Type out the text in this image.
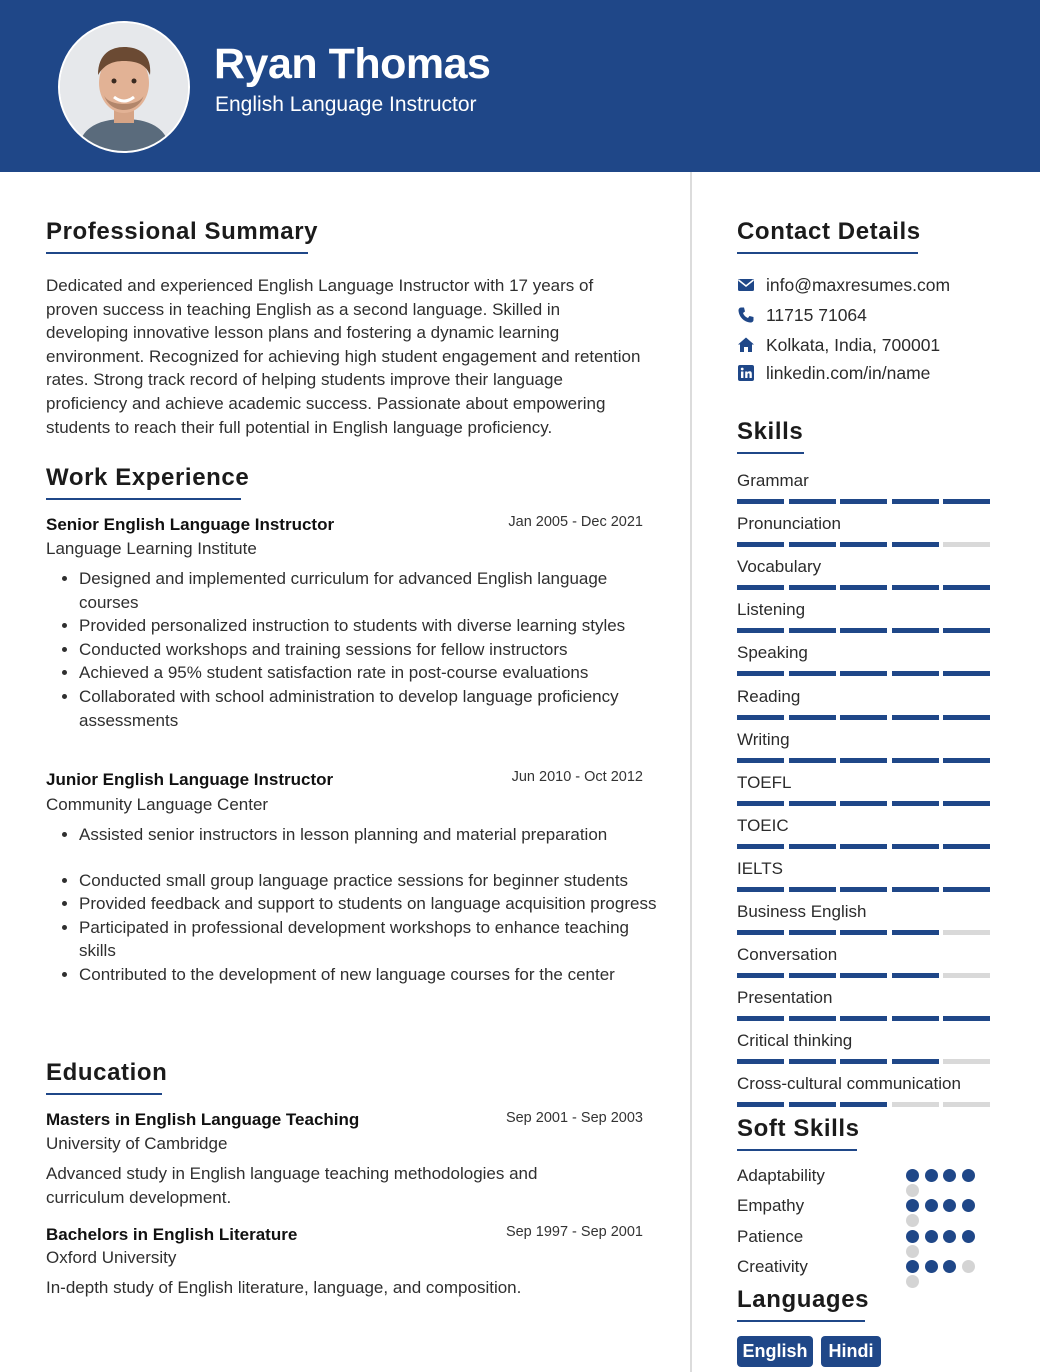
Ryan Thomas
English Language Instructor
Professional Summary
Dedicated and experienced English Language Instructor with 17 years of proven success in teaching English as a second language. Skilled in developing innovative lesson plans and fostering a dynamic learning environment. Recognized for achieving high student engagement and retention rates. Strong track record of helping students improve their language proficiency and achieve academic success. Passionate about empowering students to reach their full potential in English language proficiency.
Work Experience
Senior English Language Instructor	Jan 2005 - Dec 2021
Language Learning Institute
• Designed and implemented curriculum for advanced English language courses
• Provided personalized instruction to students with diverse learning styles
• Conducted workshops and training sessions for fellow instructors
• Achieved a 95% student satisfaction rate in post-course evaluations
• Collaborated with school administration to develop language proficiency assessments
Junior English Language Instructor	Jun 2010 - Oct 2012
Community Language Center
• Assisted senior instructors in lesson planning and material preparation
• Conducted small group language practice sessions for beginner students
• Provided feedback and support to students on language acquisition progress
• Participated in professional development workshops to enhance teaching skills
• Contributed to the development of new language courses for the center
Education
Masters in English Language Teaching	Sep 2001 - Sep 2003
University of Cambridge
Advanced study in English language teaching methodologies and curriculum development.
Bachelors in English Literature	Sep 1997 - Sep 2001
Oxford University
In-depth study of English literature, language, and composition.
Contact Details
info@maxresumes.com
11715 71064
Kolkata, India, 700001
linkedin.com/in/name
Skills
Grammar
Pronunciation
Vocabulary
Listening
Speaking
Reading
Writing
TOEFL
TOEIC
IELTS
Business English
Conversation
Presentation
Critical thinking
Cross-cultural communication
Soft Skills
Adaptability
Empathy
Patience
Creativity
Languages
English	Hindi
